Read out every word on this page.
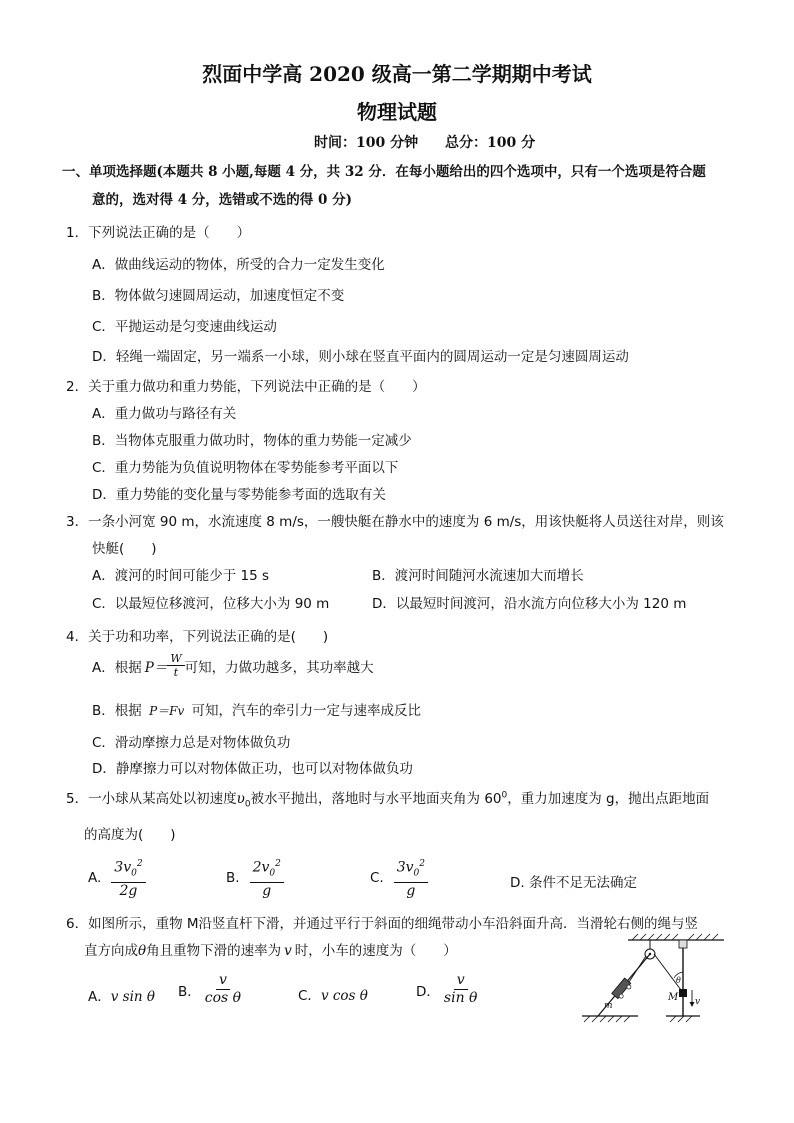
烈面中学高 2020 级高一第二学期期中考试
物理试题
时间：100 分钟 总分：100 分
一、单项选择题(本题共 8 小题,每题 4 分，共 32 分．在每小题给出的四个选项中，只有一个选项是符合题
意的，选对得 4 分，选错或不选的得 0 分)
1．下列说法正确的是（　　）
A．做曲线运动的物体，所受的合力一定发生变化
B．物体做匀速圆周运动，加速度恒定不变
C．平抛运动是匀变速曲线运动
D．轻绳一端固定，另一端系一小球，则小球在竖直平面内的圆周运动一定是匀速圆周运动
2．关于重力做功和重力势能，下列说法中正确的是（　　）
A．重力做功与路径有关
B．当物体克服重力做功时，物体的重力势能一定减少
C．重力势能为负值说明物体在零势能参考平面以下
D．重力势能的变化量与零势能参考面的选取有关
3．一条小河宽 90 m，水流速度 8 m/s，一艘快艇在静水中的速度为 6 m/s，用该快艇将人员送往对岸，则该
快艇(　　)
A．渡河的时间可能少于 15 s	B．渡河时间随河水流速加大而增长
C．以最短位移渡河，位移大小为 90 m	D．以最短时间渡河，沿水流方向位移大小为 120 m
4．关于功和功率，下列说法正确的是(　　)
A．根据 $P= \frac{W}{t}$ 可知，力做功越多，其功率越大
B．根据 P＝Fv 可知，汽车的牵引力一定与速率成反比
C．滑动摩擦力总是对物体做负功
D．静摩擦力可以对物体做正功，也可以对物体做负功
5．一小球从某高处以初速度$\upsilon_0$被水平抛出，落地时与水平地面夹角为 $60^0$，重力加速度为 g，抛出点距地面
的高度为(　　)
A. $\frac{3v_0^2}{2g}$	B. $\frac{2v_0^2}{g}$	C. $\frac{3v_0^2}{g}$	D. 条件不足无法确定
6．如图所示，重物 M沿竖直杆下滑，并通过平行于斜面的细绳带动小车沿斜面升高．当滑轮右侧的绳与竖
直方向成θ角且重物下滑的速率为 v 时，小车的速度为（　　）
A．v sin θ B． $\frac{v}{\text{cos θ}}$	C．v cos θ	D． $\frac{v}{\text{sin θ}}$	m
M
θ
v
